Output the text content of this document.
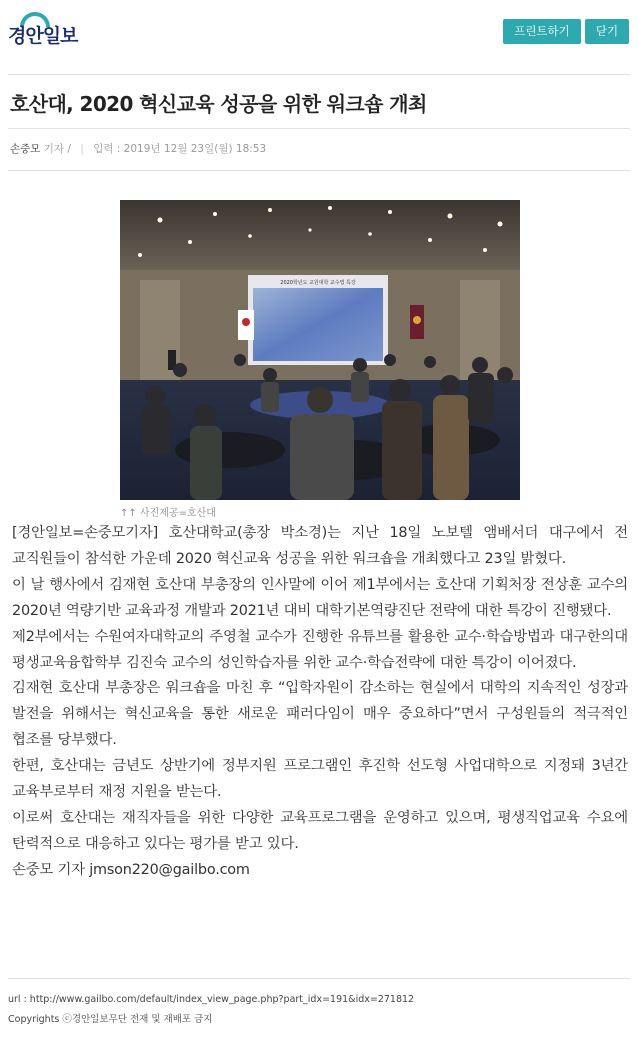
경안일보	프린트하기	닫기
호산대, 2020 혁신교육 성공을 위한 워크숍 개최
손중모 기자 / | 입력 : 2019년 12월 23일(월) 18:53
2020학년도 교원대학 교수법 특강
↑↑ 사진제공=호산대

[경안일보=손중모기자] 호산대학교(총장 박소경)는 지난 18일 노보텔 앰배서더 대구에서 전 교직원들이 참석한 가운데 2020 혁신교육 성공을 위한 워크숍을 개최했다고 23일 밝혔다.

이 날 행사에서 김재현 호산대 부총장의 인사말에 이어 제1부에서는 호산대 기획처장 전상훈 교수의 2020년 역량기반 교육과정 개발과 2021년 대비 대학기본역량진단 전략에 대한 특강이 진행됐다.

제2부에서는 수원여자대학교의 주영철 교수가 진행한 유튜브를 활용한 교수·학습방법과 대구한의대 평생교육융합학부 김진숙 교수의 성인학습자를 위한 교수·학습전략에 대한 특강이 이어졌다.

김재현 호산대 부총장은 워크숍을 마친 후 “입학자원이 감소하는 현실에서 대학의 지속적인 성장과 발전을 위해서는 혁신교육을 통한 새로운 패러다임이 매우 중요하다”면서 구성원들의 적극적인 협조를 당부했다.

한편, 호산대는 금년도 상반기에 정부지원 프로그램인 후진학 선도형 사업대학으로 지정돼 3년간 교육부로부터 재정 지원을 받는다.

이로써 호산대는 재직자들을 위한 다양한 교육프로그램을 운영하고 있으며, 평생직업교육 수요에 탄력적으로 대응하고 있다는 평가를 받고 있다.

손중모 기자 jmson220@gailbo.com

url : http://www.gailbo.com/default/index_view_page.php?part_idx=191&idx=271812
Copyrights ⓒ경안일보무단 전재 및 재배포 금지
